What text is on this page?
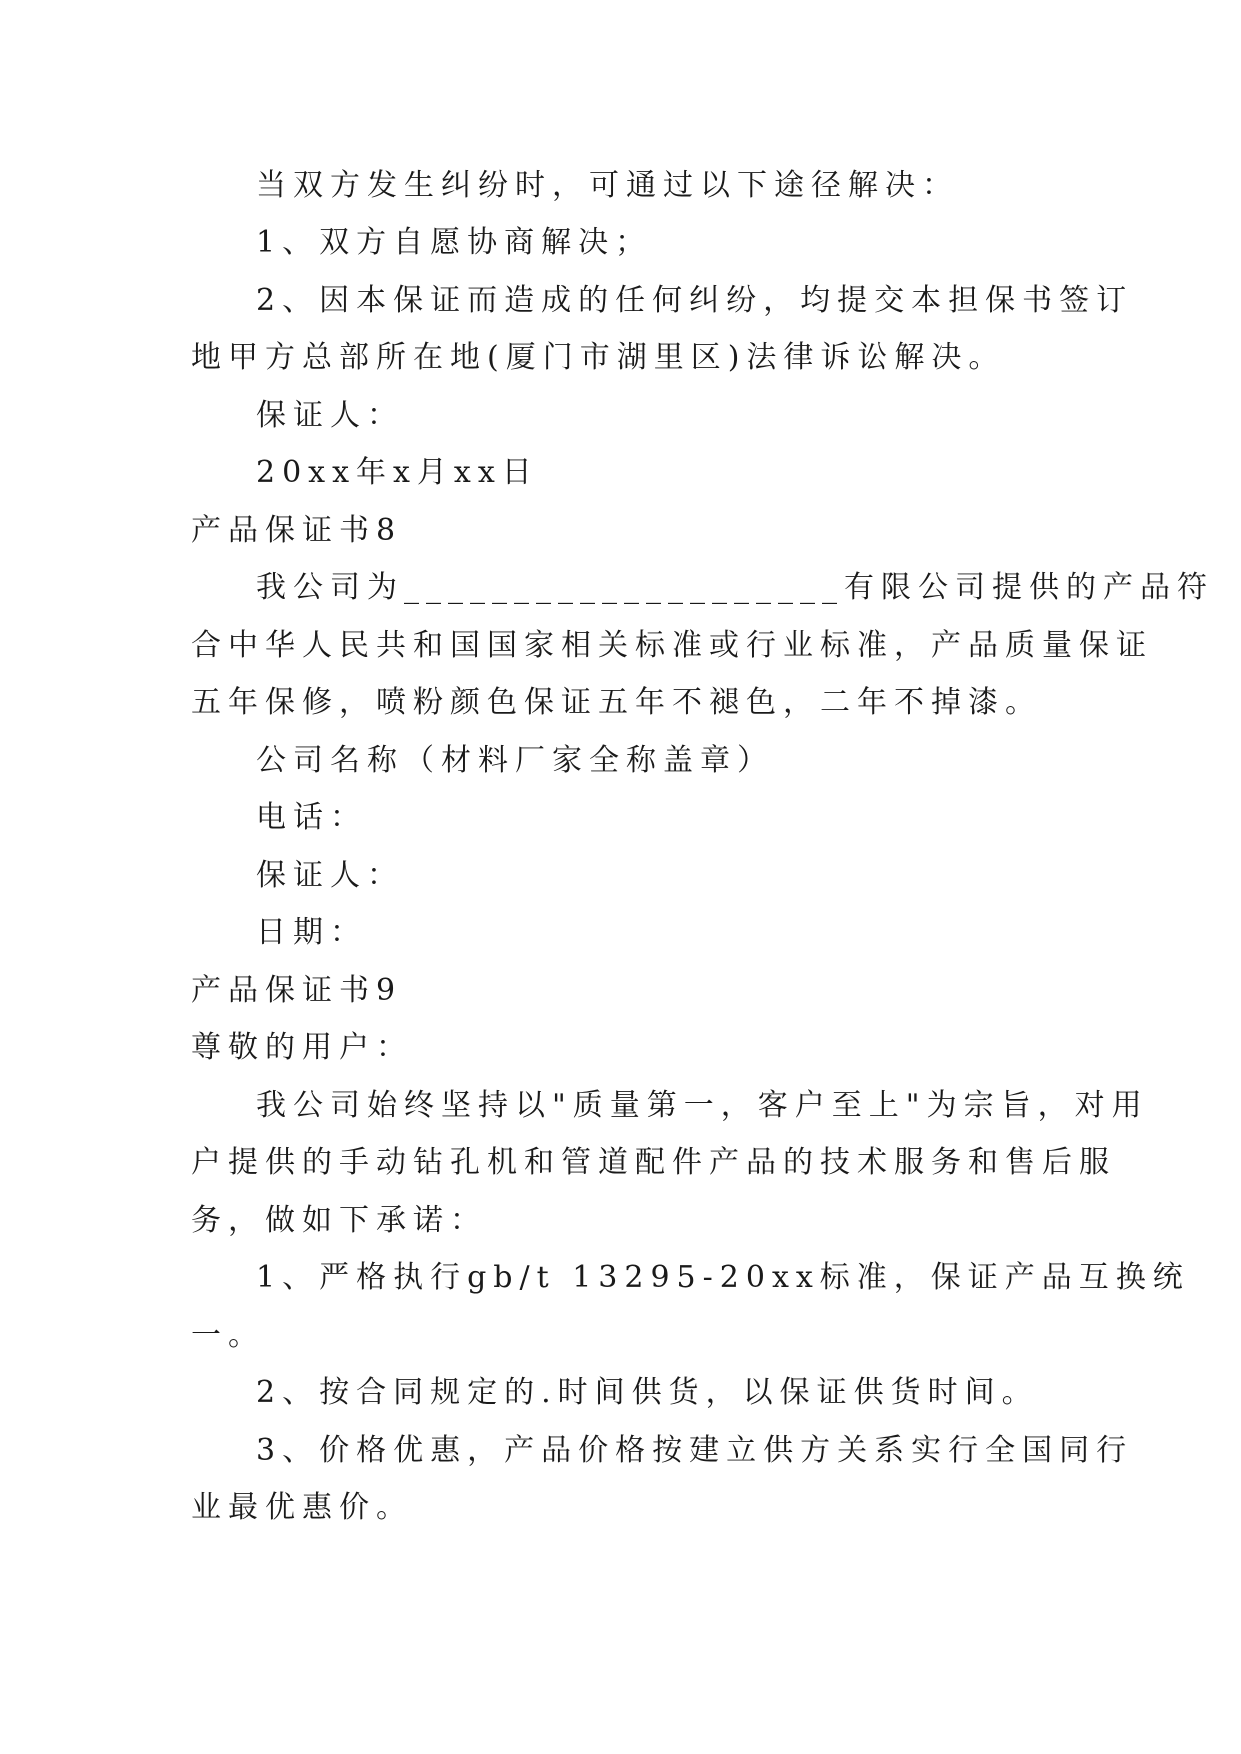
当双方发生纠纷时，可通过以下途径解决：
1、双方自愿协商解决；
2、因本保证而造成的任何纠纷，均提交本担保书签订
地甲方总部所在地(厦门市湖里区)法律诉讼解决。
保证人：
20xx年x月xx日
产品保证书8
我公司为____________________有限公司提供的产品符
合中华人民共和国国家相关标准或行业标准，产品质量保证
五年保修，喷粉颜色保证五年不褪色，二年不掉漆。
公司名称（材料厂家全称盖章）
电话：
保证人：
日期：
产品保证书9
尊敬的用户：
我公司始终坚持以"质量第一，客户至上"为宗旨，对用
户提供的手动钻孔机和管道配件产品的技术服务和售后服
务，做如下承诺：
1、严格执行gb/t 13295-20xx标准，保证产品互换统
一。
2、按合同规定的.时间供货，以保证供货时间。
3、价格优惠，产品价格按建立供方关系实行全国同行
业最优惠价。
